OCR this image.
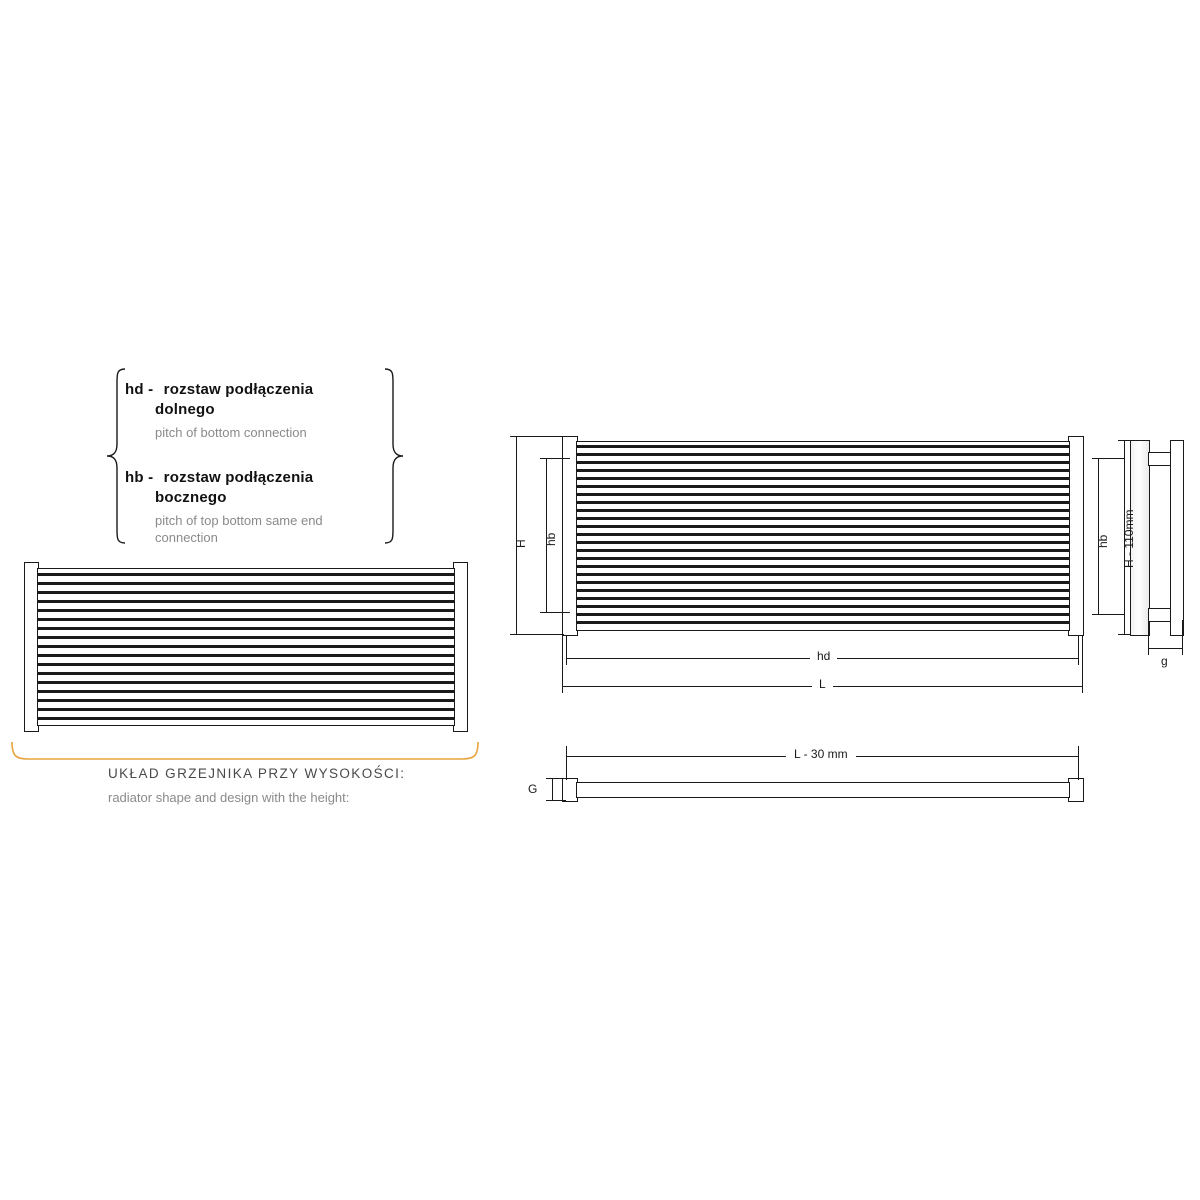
hd - rozstaw podłączenia
dolnego
pitch of bottom connection
hb - rozstaw podłączenia
bocznego
pitch of top bottom same end
connection
UKŁAD GRZEJNIKA PRZY WYSOKOŚCI:
radiator shape and design with the height:
H hb
hd
L
hb H - 110mm
g
G
L - 30 mm
